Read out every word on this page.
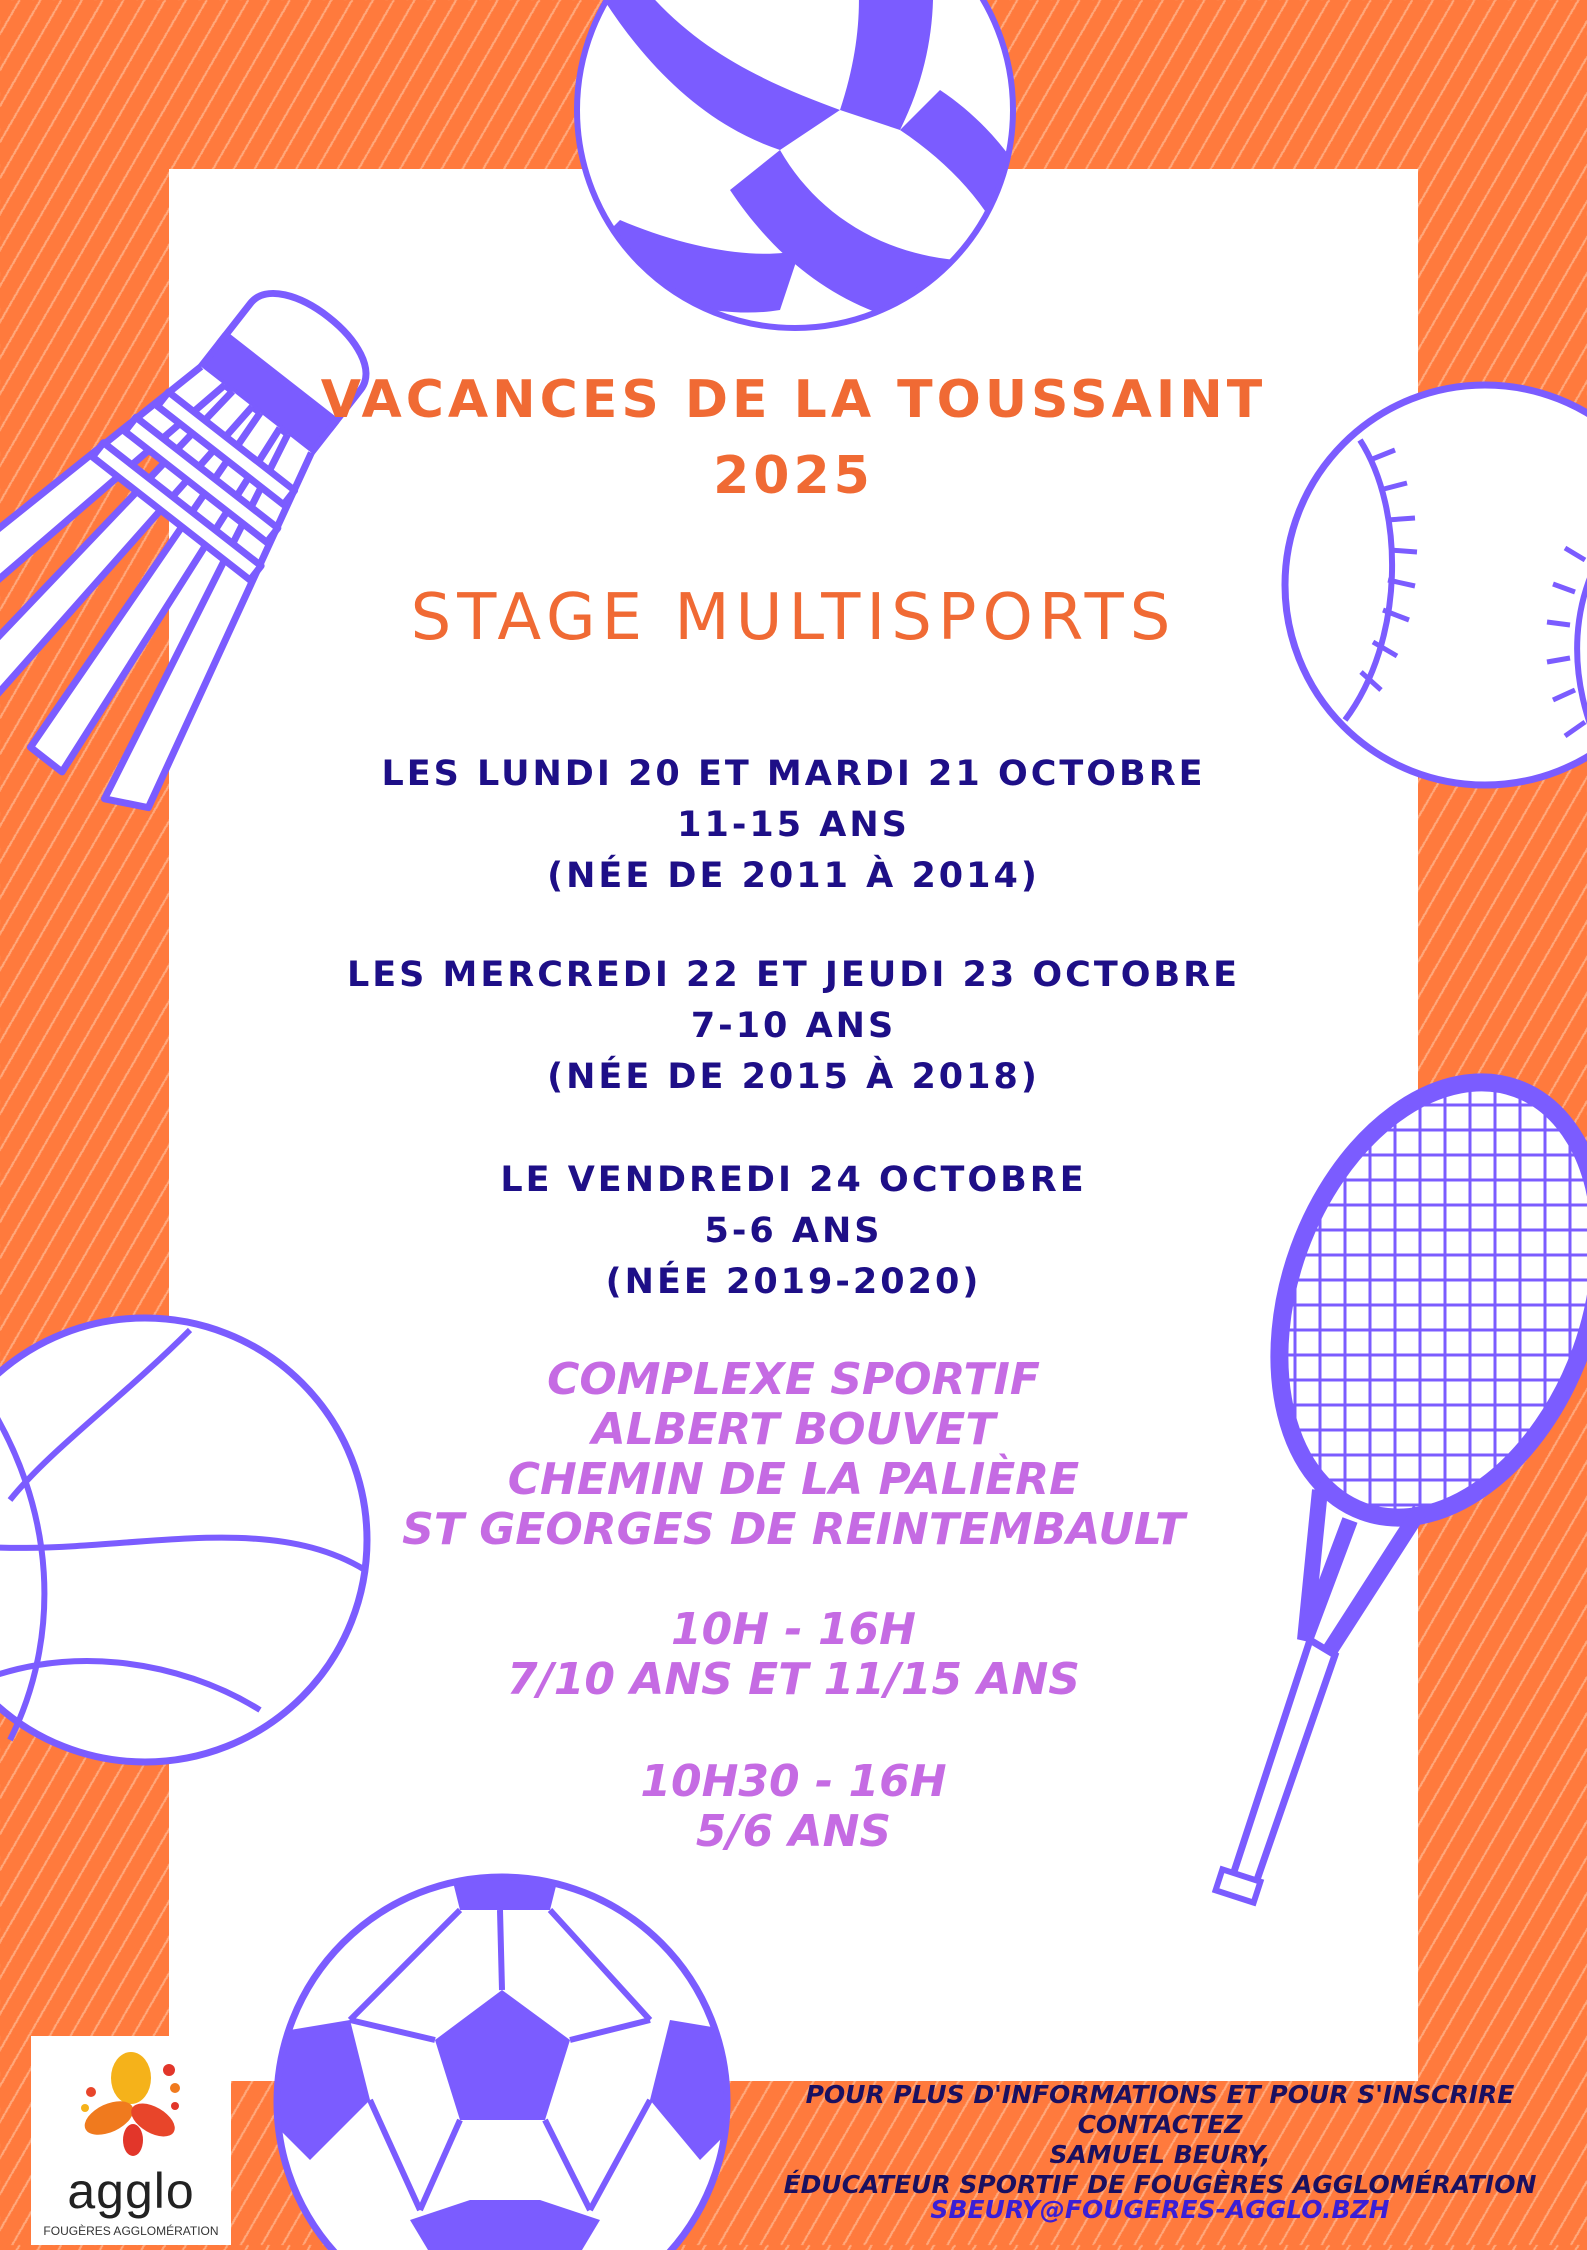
VACANCES DE LA TOUSSAINT
2025
STAGE MULTISPORTS
LES LUNDI 20 ET MARDI 21 OCTOBRE
11-15 ANS
(NÉE DE 2011 À 2014)
LES MERCREDI 22 ET JEUDI 23 OCTOBRE
7-10 ANS
(NÉE DE 2015 À 2018)
LE VENDREDI 24 OCTOBRE
5-6 ANS
(NÉE 2019-2020)
COMPLEXE SPORTIF
ALBERT BOUVET
CHEMIN DE LA PALIÈRE
ST GEORGES DE REINTEMBAULT
10H - 16H
7/10 ANS ET 11/15 ANS
10H30 - 16H
5/6 ANS
POUR PLUS D'INFORMATIONS ET POUR S'INSCRIRE CONTACTEZ
SAMUEL BEURY,
ÉDUCATEUR SPORTIF DE FOUGÈRES AGGLOMÉRATION
SBEURY@FOUGERES-AGGLO.BZH
agglo
FOUGÈRES AGGLOMÉRATION
